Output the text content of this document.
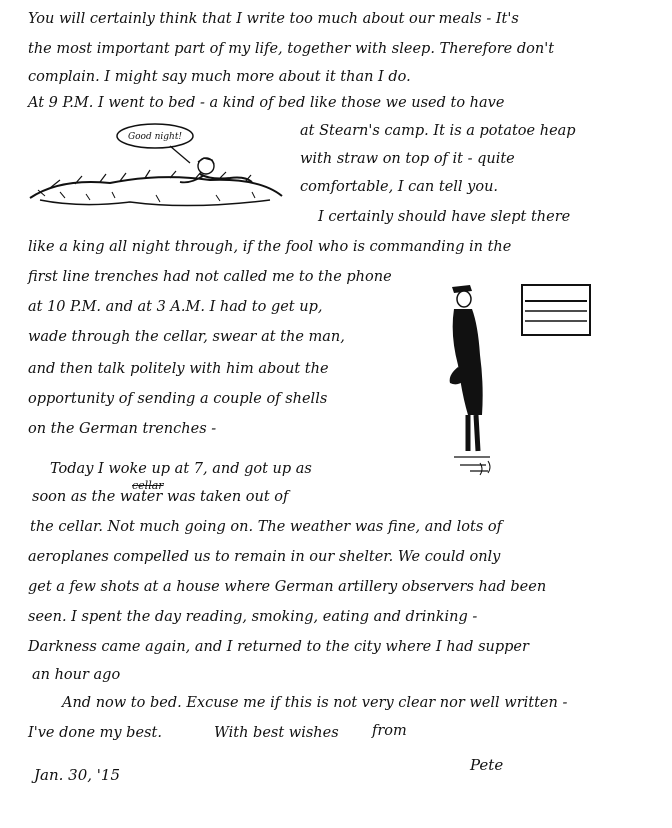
You will certainly think that I write too much about our meals - It's
the most important part of my life, together with sleep. Therefore don't
complain. I might say much more about it than I do.
At 9 P.M. I went to bed - a kind of bed like those we used to have
Good night!	at Stearn's camp. It is a potatoe heap
with straw on top of it - quite
comfortable, I can tell you.
I certainly should have slept there
like a king all night through, if the fool who is commanding in the
first line trenches had not called me to the phone
at 10 P.M. and at 3 A.M. I had to get up,
wade through the cellar, swear at the man,
and then talk politely with him about the
opportunity of sending a couple of shells
on the German trenches -
Today I woke up at 7, and got up as
soon as the water was taken out of
cellar
the cellar. Not much going on. The weather was fine, and lots of
aeroplanes compelled us to remain in our shelter. We could only
get a few shots at a house where German artillery observers had been
seen. I spent the day reading, smoking, eating and drinking -
Darkness came again, and I returned to the city where I had supper
an hour ago
And now to bed. Excuse me if this is not very clear nor well written -
I've done my best.	With best wishes from
Pete
Jan. 30, '15
